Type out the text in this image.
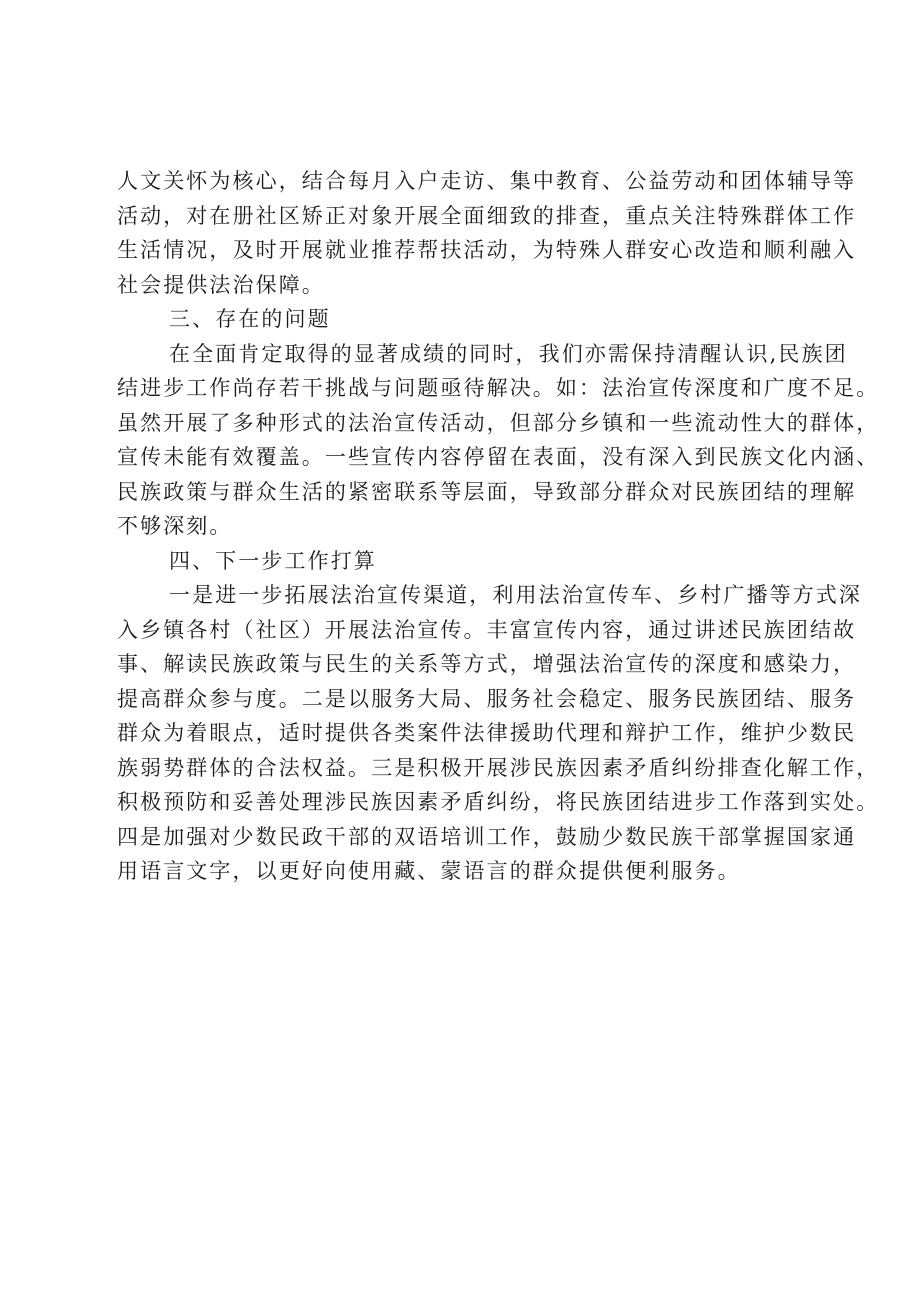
人文关怀为核心，结合每月入户走访、集中教育、公益劳动和团体辅导等
活动，对在册社区矫正对象开展全面细致的排查，重点关注特殊群体工作
生活情况，及时开展就业推荐帮扶活动，为特殊人群安心改造和顺利融入
社会提供法治保障。
三、存在的问题
在全面肯定取得的显著成绩的同时，我们亦需保持清醒认识,民族团
结进步工作尚存若干挑战与问题亟待解决。如：法治宣传深度和广度不足。
虽然开展了多种形式的法治宣传活动，但部分乡镇和一些流动性大的群体，
宣传未能有效覆盖。一些宣传内容停留在表面，没有深入到民族文化内涵、
民族政策与群众生活的紧密联系等层面，导致部分群众对民族团结的理解
不够深刻。
四、下一步工作打算
一是进一步拓展法治宣传渠道，利用法治宣传车、乡村广播等方式深
入乡镇各村（社区）开展法治宣传。丰富宣传内容，通过讲述民族团结故
事、解读民族政策与民生的关系等方式，增强法治宣传的深度和感染力，
提高群众参与度。二是以服务大局、服务社会稳定、服务民族团结、服务
群众为着眼点，适时提供各类案件法律援助代理和辩护工作，维护少数民
族弱势群体的合法权益。三是积极开展涉民族因素矛盾纠纷排查化解工作，
积极预防和妥善处理涉民族因素矛盾纠纷，将民族团结进步工作落到实处。
四是加强对少数民政干部的双语培训工作，鼓励少数民族干部掌握国家通
用语言文字，以更好向使用藏、蒙语言的群众提供便利服务。
